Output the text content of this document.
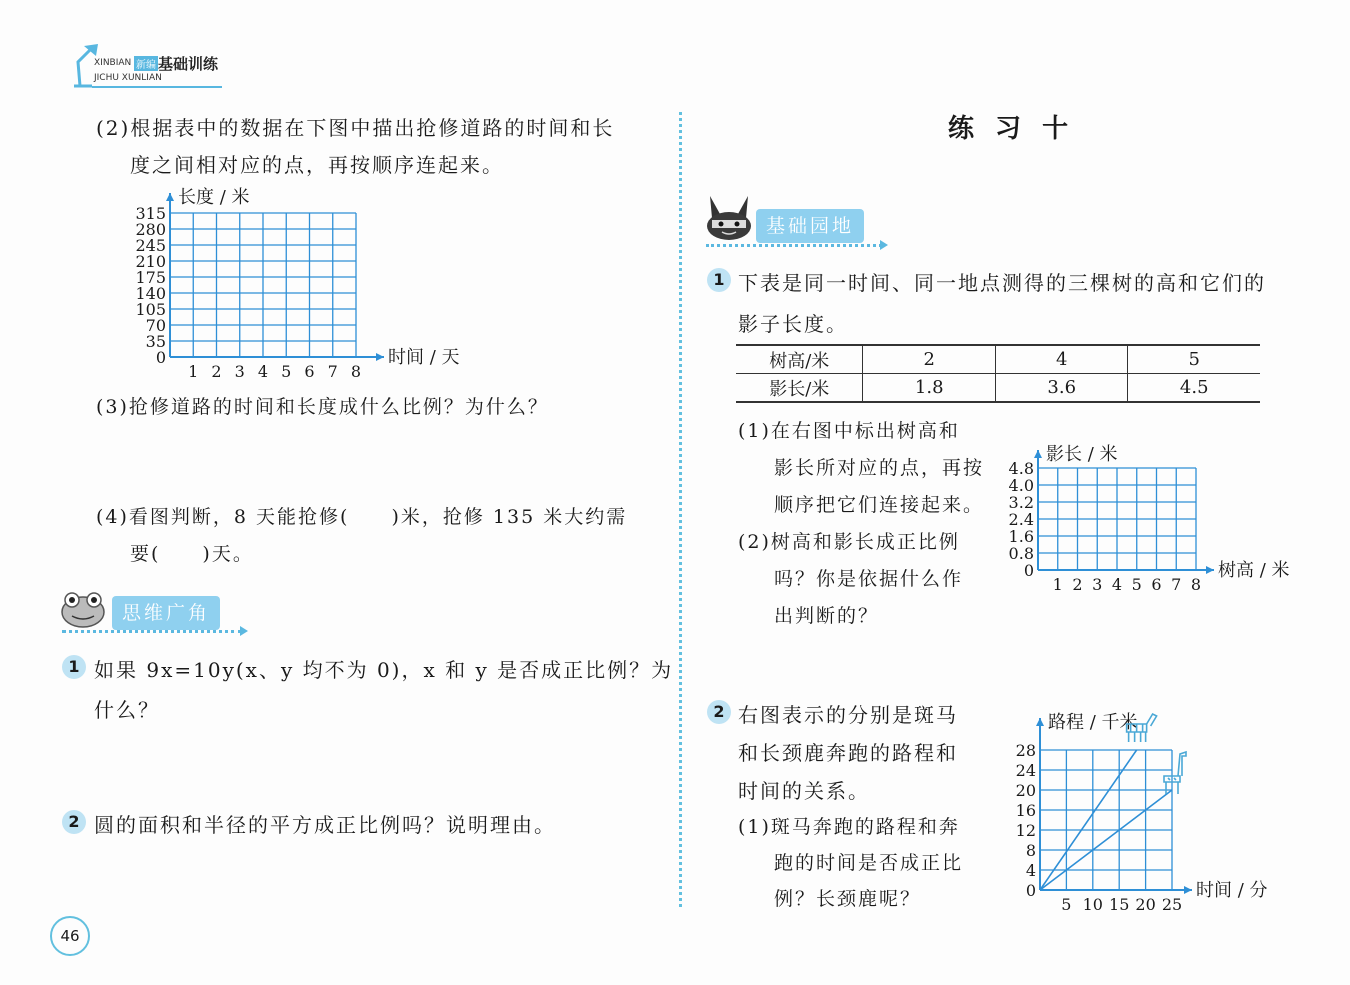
XINBIAN 新编 基础训练
JICHU XUNLIAN
(2)根据表中的数据在下图中描出抢修道路的时间和长
度之间相对应的点，再按顺序连起来。
0
35
70
105
140
175
210
245
280
315
1 2 3 4 5 6 7 8
长度 / 米
时间 / 天
(3)抢修道路的时间和长度成什么比例？为什么？
(4)看图判断，8 天能抢修(　　)米，抢修 135 米大约需
要(　　)天。
思维广角
1 如果 9x=10y(x、y 均不为 0)，x 和 y 是否成正比例？为
什么？
2 圆的面积和半径的平方成正比例吗？说明理由。
46
练 习 十
基础园地
1 下表是同一时间、同一地点测得的三棵树的高和它们的
影子长度。
树高/米	2	4	5
影长/米	1.8	3.6	4.5
(1)在右图中标出树高和
影长所对应的点，再按
顺序把它们连接起来。
(2)树高和影长成正比例
吗？你是依据什么作
出判断的？
0
0.8
1.6
2.4
3.2
4.0
4.8
1 2 3 4 5 6 7 8
影长 / 米
树高 / 米
2 右图表示的分别是斑马
和长颈鹿奔跑的路程和
时间的关系。
(1)斑马奔跑的路程和奔
跑的时间是否成正比
例？长颈鹿呢？	0
4
8
12
16
20
24
28
5 10 15 20 25
路程 / 千米
时间 / 分
